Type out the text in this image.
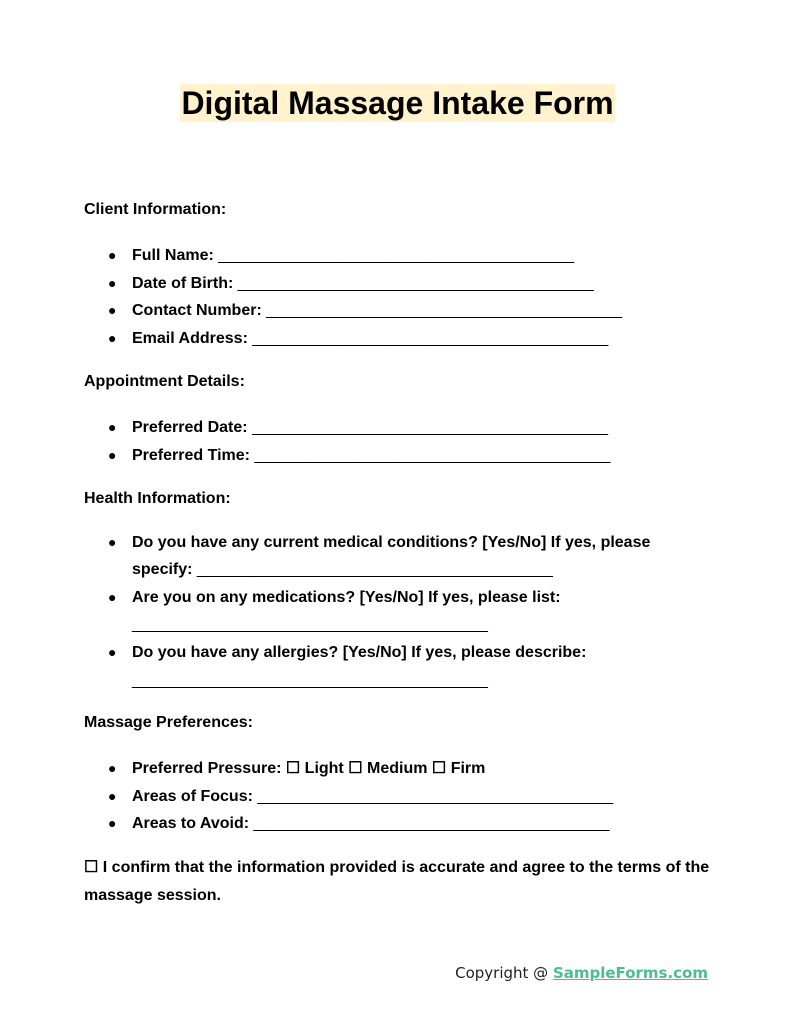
Digital Massage Intake Form

Client Information:

● Full Name: ________________________________________
● Date of Birth: ________________________________________
● Contact Number: ________________________________________
● Email Address: ________________________________________

Appointment Details:

● Preferred Date: ________________________________________
● Preferred Time: ________________________________________

Health Information:

● Do you have any current medical conditions? [Yes/No] If yes, please specify: ________________________________________
● Are you on any medications? [Yes/No] If yes, please list:
________________________________________
● Do you have any allergies? [Yes/No] If yes, please describe:
________________________________________

Massage Preferences:

● Preferred Pressure: ☐ Light ☐ Medium ☐ Firm
● Areas of Focus: ________________________________________
● Areas to Avoid: ________________________________________

☐ I confirm that the information provided is accurate and agree to the terms of the massage session.

Copyright @ SampleForms.com
